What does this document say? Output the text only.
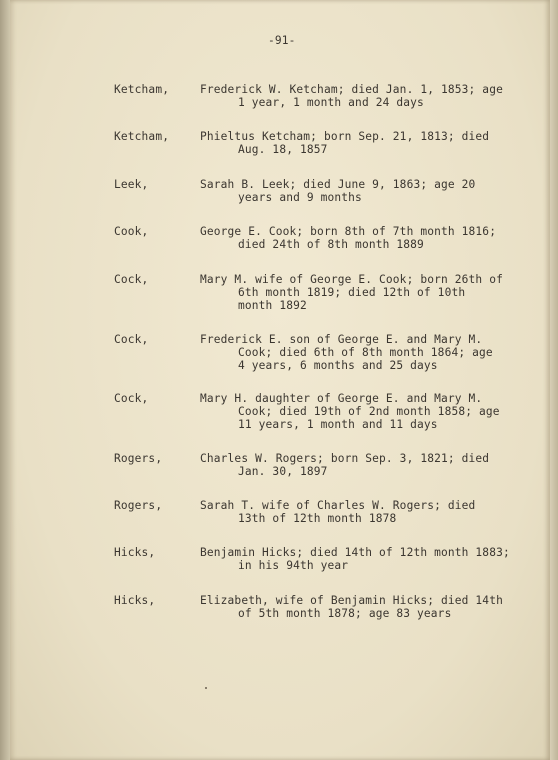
-91-
Ketcham,	Frederick W. Ketcham; died Jan. 1, 1853; age
1 year, 1 month and 24 days
Ketcham,	Phieltus Ketcham; born Sep. 21, 1813; died
Aug. 18, 1857
Leek,	Sarah B. Leek; died June 9, 1863; age 20
years and 9 months
Cook,	George E. Cook; born 8th of 7th month 1816;
died 24th of 8th month 1889
Cock,	Mary M. wife of George E. Cook; born 26th of
6th month 1819; died 12th of 10th
month 1892
Cock,	Frederick E. son of George E. and Mary M.
Cook; died 6th of 8th month 1864; age
4 years, 6 months and 25 days
Cock,	Mary H. daughter of George E. and Mary M.
Cook; died 19th of 2nd month 1858; age
11 years, 1 month and 11 days
Rogers,	Charles W. Rogers; born Sep. 3, 1821; died
Jan. 30, 1897
Rogers,	Sarah T. wife of Charles W. Rogers; died
13th of 12th month 1878
Hicks,	Benjamin Hicks; died 14th of 12th month 1883;
in his 94th year
Hicks,	Elizabeth, wife of Benjamin Hicks; died 14th
of 5th month 1878; age 83 years
